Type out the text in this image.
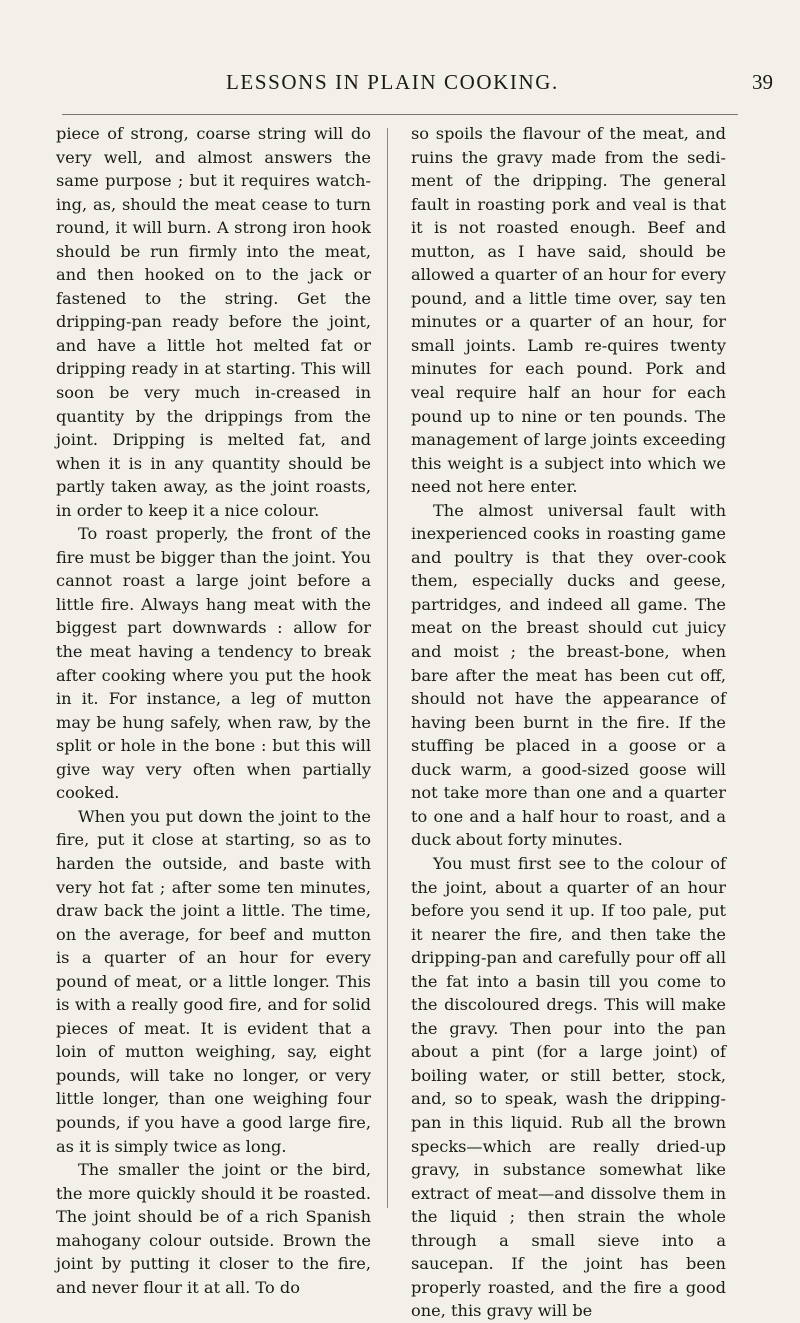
LESSONS IN PLAIN COOKING.	39

piece of strong, coarse string will do very well, and almost answers the same purpose ; but it requires watch-ing, as, should the meat cease to turn round, it will burn. A strong iron hook should be run firmly into the meat, and then hooked on to the jack or fastened to the string. Get the dripping-pan ready before the joint, and have a little hot melted fat or dripping ready in at starting. This will soon be very much in-creased in quantity by the drippings from the joint. Dripping is melted fat, and when it is in any quantity should be partly taken away, as the joint roasts, in order to keep it a nice colour.

To roast properly, the front of the fire must be bigger than the joint. You cannot roast a large joint before a little fire. Always hang meat with the biggest part downwards : allow for the meat having a tendency to break after cooking where you put the hook in it. For instance, a leg of mutton may be hung safely, when raw, by the split or hole in the bone : but this will give way very often when partially cooked.

When you put down the joint to the fire, put it close at starting, so as to harden the outside, and baste with very hot fat ; after some ten minutes, draw back the joint a little. The time, on the average, for beef and mutton is a quarter of an hour for every pound of meat, or a little longer. This is with a really good fire, and for solid pieces of meat. It is evident that a loin of mutton weighing, say, eight pounds, will take no longer, or very little longer, than one weighing four pounds, if you have a good large fire, as it is simply twice as long.

The smaller the joint or the bird, the more quickly should it be roasted. The joint should be of a rich Spanish mahogany colour outside. Brown the joint by putting it closer to the fire, and never flour it at all. To do

so spoils the flavour of the meat, and ruins the gravy made from the sedi-ment of the dripping. The general fault in roasting pork and veal is that it is not roasted enough. Beef and mutton, as I have said, should be allowed a quarter of an hour for every pound, and a little time over, say ten minutes or a quarter of an hour, for small joints. Lamb re-quires twenty minutes for each pound. Pork and veal require half an hour for each pound up to nine or ten pounds. The management of large joints exceeding this weight is a subject into which we need not here enter.

The almost universal fault with inexperienced cooks in roasting game and poultry is that they over-cook them, especially ducks and geese, partridges, and indeed all game. The meat on the breast should cut juicy and moist ; the breast-bone, when bare after the meat has been cut off, should not have the appearance of having been burnt in the fire. If the stuffing be placed in a goose or a duck warm, a good-sized goose will not take more than one and a quarter to one and a half hour to roast, and a duck about forty minutes.

You must first see to the colour of the joint, about a quarter of an hour before you send it up. If too pale, put it nearer the fire, and then take the dripping-pan and carefully pour off all the fat into a basin till you come to the discoloured dregs. This will make the gravy. Then pour into the pan about a pint (for a large joint) of boiling water, or still better, stock, and, so to speak, wash the dripping-pan in this liquid. Rub all the brown specks—which are really dried-up gravy, in substance somewhat like extract of meat—and dissolve them in the liquid ; then strain the whole through a small sieve into a saucepan. If the joint has been properly roasted, and the fire a good one, this gravy will be
